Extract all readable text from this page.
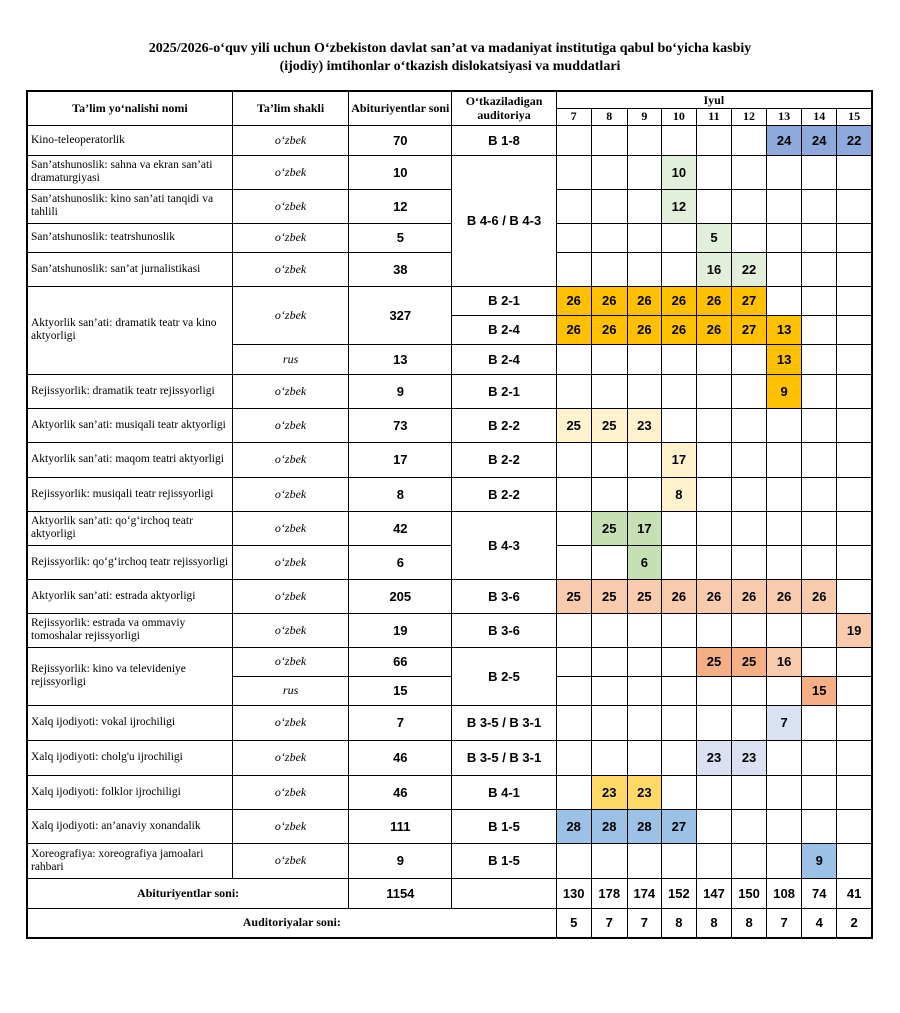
2025/2026-o‘quv yili uchun O‘zbekiston davlat san’at va madaniyat institutiga qabul bo‘yicha kasbiy
(ijodiy) imtihonlar o‘tkazish dislokatsiyasi va muddatlari
Ta’lim yo‘nalishi nomi	Ta’lim shakli	Abituriyentlar soni	O‘tkaziladigan auditoriya	Iyul								
				7	8	9	10	11	12	13	14	15
Kino-teleoperatorlik	o‘zbek	70	B 1-8							24	24	22
San’atshunoslik: sahna va ekran san’ati dramaturgiyasi	o‘zbek	10	B 4-6 / B 4-3				10					
San’atshunoslik: kino san’ati tanqidi va tahlili	o‘zbek	12					12					
San’atshunoslik: teatrshunoslik	o‘zbek	5						5				
San’atshunoslik: san’at jurnalistikasi	o‘zbek	38						16	22			
Aktyorlik san’ati: dramatik teatr va kino aktyorligi	o‘zbek	327	B 2-1	26	26	26	26	26	27			
			B 2-4	26	26	26	26	26	27	13		
	rus	13	B 2-4							13		
Rejissyorlik: dramatik teatr rejissyorligi	o‘zbek	9	B 2-1							9		
Aktyorlik san’ati: musiqali teatr aktyorligi	o‘zbek	73	B 2-2	25	25	23						
Aktyorlik san’ati: maqom teatri aktyorligi	o‘zbek	17	B 2-2				17					
Rejissyorlik: musiqali teatr rejissyorligi	o‘zbek	8	B 2-2				8					
Aktyorlik san’ati: qo‘g‘irchoq teatr aktyorligi	o‘zbek	42	B 4-3		25	17						
Rejissyorlik: qo‘g‘irchoq teatr rejissyorligi	o‘zbek	6				6						
Aktyorlik san’ati: estrada aktyorligi	o‘zbek	205	B 3-6	25	25	25	26	26	26	26	26	
Rejissyorlik: estrada va ommaviy tomoshalar rejissyorligi	o‘zbek	19	B 3-6									19
Rejissyorlik: kino va televideniye rejissyorligi	o‘zbek	66	B 2-5					25	25	16		
	rus	15									15	
Xalq ijodiyoti: vokal ijrochiligi	o‘zbek	7	B 3-5 / B 3-1							7		
Xalq ijodiyoti: cholg'u ijrochiligi	o‘zbek	46	B 3-5 / B 3-1					23	23			
Xalq ijodiyoti: folklor ijrochiligi	o‘zbek	46	B 4-1		23	23						
Xalq ijodiyoti: an’anaviy xonandalik	o‘zbek	111	B 1-5	28	28	28	27					
Xoreografiya: xoreografiya jamoalari rahbari	o‘zbek	9	B 1-5								9	
Abituriyentlar soni:		1154		130	178	174	152	147	150	108	74	41
Auditoriyalar soni:				5	7	7	8	8	8	7	4	2
